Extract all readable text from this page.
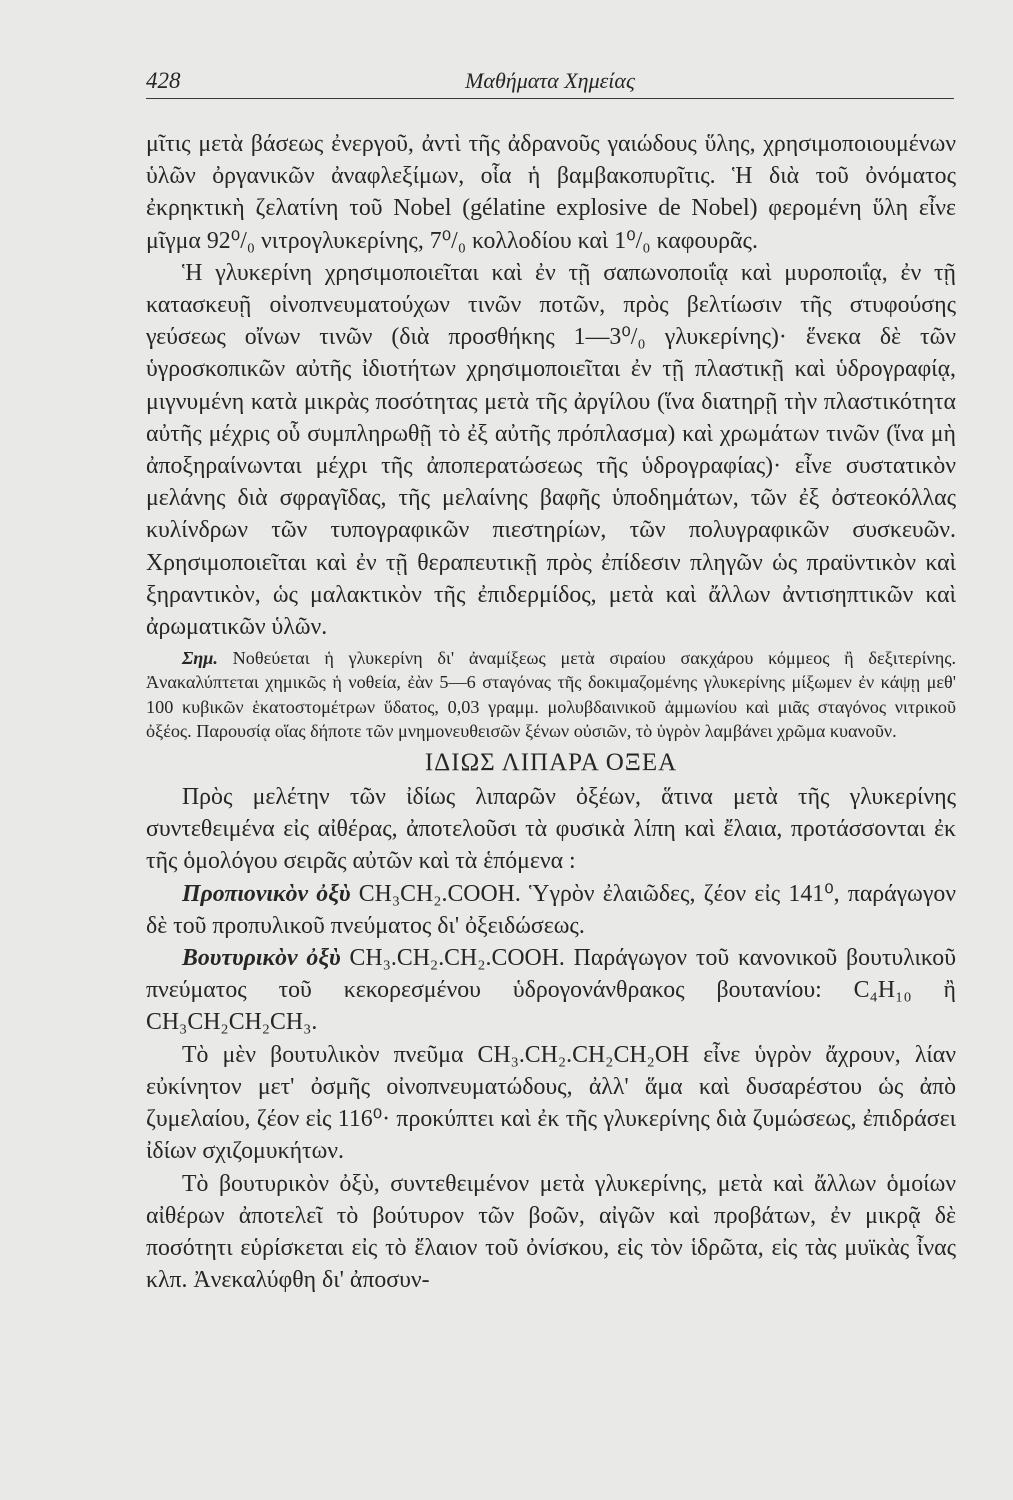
428	Μαθήματα Χημείας

μῖτις μετὰ βάσεως ἐνεργοῦ, ἀντὶ τῆς ἀδρανοῦς γαιώδους ὕλης, χρησιμοποιουμένων ὑλῶν ὀργανικῶν ἀναφλεξίμων, οἷα ἡ βαμβακοπυρῖτις. Ἡ διὰ τοῦ ὀνόματος ἐκρηκτικὴ ζελατίνη τοῦ Nobel (gélatine explosive de Nobel) φερομένη ὕλη εἶνε μῖγμα 92⁰/₀ νιτρογλυκερίνης, 7⁰/₀ κολλοδίου καὶ 1⁰/₀ καφουρᾶς.

Ἡ γλυκερίνη χρησιμοποιεῖται καὶ ἐν τῇ σαπωνοποιΐᾳ καὶ μυροποιΐᾳ, ἐν τῇ κατασκευῇ οἰνοπνευματούχων τινῶν ποτῶν, πρὸς βελτίωσιν τῆς στυφούσης γεύσεως οἴνων τινῶν (διὰ προσθήκης 1—3⁰/₀ γλυκερίνης)· ἕνεκα δὲ τῶν ὑγροσκοπικῶν αὐτῆς ἰδιοτήτων χρησιμοποιεῖται ἐν τῇ πλαστικῇ καὶ ὑδρογραφίᾳ, μιγνυμένη κατὰ μικρὰς ποσότητας μετὰ τῆς ἀργίλου (ἵνα διατηρῇ τὴν πλαστικότητα αὐτῆς μέχρις οὗ συμπληρωθῇ τὸ ἐξ αὐτῆς πρόπλασμα) καὶ χρωμάτων τινῶν (ἵνα μὴ ἀποξηραίνωνται μέχρι τῆς ἀποπερατώσεως τῆς ὑδρογραφίας)· εἶνε συστατικὸν μελάνης διὰ σφραγῖδας, τῆς μελαίνης βαφῆς ὑποδημάτων, τῶν ἐξ ὀστεοκόλλας κυλίνδρων τῶν τυπογραφικῶν πιεστηρίων, τῶν πολυγραφικῶν συσκευῶν. Χρησιμοποιεῖται καὶ ἐν τῇ θεραπευτικῇ πρὸς ἐπίδεσιν πληγῶν ὡς πραϋντικὸν καὶ ξηραντικὸν, ὡς μαλακτικὸν τῆς ἐπιδερμίδος, μετὰ καὶ ἄλλων ἀντισηπτικῶν καὶ ἀρωματικῶν ὑλῶν.

Σημ. Νοθεύεται ἡ γλυκερίνη δι' ἀναμίξεως μετὰ σιραίου σακχάρου κόμμεος ἢ δεξιτερίνης. Ἀνακαλύπτεται χημικῶς ἡ νοθεία, ἐὰν 5—6 σταγόνας τῆς δοκιμαζομένης γλυκερίνης μίξωμεν ἐν κάψῃ μεθ' 100 κυβικῶν ἑκατοστομέτρων ὕδατος, 0,03 γραμμ. μολυβδαινικοῦ ἀμμωνίου καὶ μιᾶς σταγόνος νιτρικοῦ ὀξέος. Παρουσίᾳ οἵας δήποτε τῶν μνημονευθεισῶν ξένων οὐσιῶν, τὸ ὑγρὸν λαμβάνει χρῶμα κυανοῦν.

ΙΔΙΩΣ ΛΙΠΑΡΑ ΟΞΕΑ

Πρὸς μελέτην τῶν ἰδίως λιπαρῶν ὀξέων, ἅτινα μετὰ τῆς γλυκερίνης συντεθειμένα εἰς αἰθέρας, ἀποτελοῦσι τὰ φυσικὰ λίπη καὶ ἔλαια, προτάσσονται ἐκ τῆς ὁμολόγου σειρᾶς αὐτῶν καὶ τὰ ἑπόμενα :

Προπιονικὸν ὀξὺ CH₃CH₂.COOH. Ὑγρὸν ἐλαιῶδες, ζέον εἰς 141⁰, παράγωγον δὲ τοῦ προπυλικοῦ πνεύματος δι' ὀξειδώσεως.

Βουτυρικὸν ὀξὺ CH₃.CH₂.CH₂.COOH. Παράγωγον τοῦ κανονικοῦ βουτυλικοῦ πνεύματος τοῦ κεκορεσμένου ὑδρογονάνθρακος βουτανίου: C₄H₁₀ ἢ CH₃CH₂CH₂CH₃.

Τὸ μὲν βουτυλικὸν πνεῦμα CH₃.CH₂.CH₂CH₂OH εἶνε ὑγρὸν ἄχρουν, λίαν εὐκίνητον μετ' ὀσμῆς οἰνοπνευματώδους, ἀλλ' ἅμα καὶ δυσαρέστου ὡς ἀπὸ ζυμελαίου, ζέον εἰς 116⁰· προκύπτει καὶ ἐκ τῆς γλυκερίνης διὰ ζυμώσεως, ἐπιδράσει ἰδίων σχιζομυκήτων.

Τὸ βουτυρικὸν ὀξὺ, συντεθειμένον μετὰ γλυκερίνης, μετὰ καὶ ἄλλων ὁμοίων αἰθέρων ἀποτελεῖ τὸ βούτυρον τῶν βοῶν, αἰγῶν καὶ προβάτων, ἐν μικρᾷ δὲ ποσότητι εὑρίσκεται εἰς τὸ ἔλαιον τοῦ ὀνίσκου, εἰς τὸν ἱδρῶτα, εἰς τὰς μυϊκὰς ἶνας κλπ. Ἀνεκαλύφθη δι' ἀποσυν-
